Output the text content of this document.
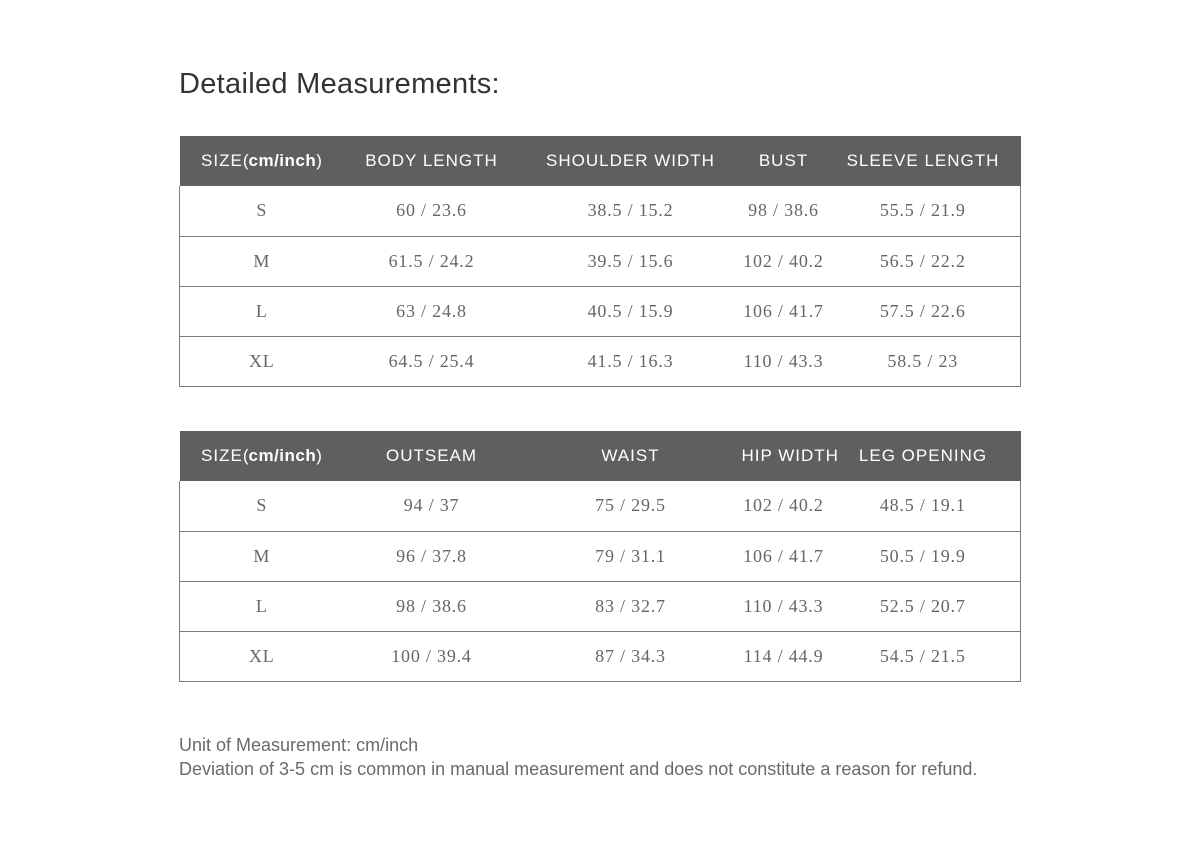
Detailed Measurements:
SIZE(cm/inch)	BODY LENGTH	SHOULDER WIDTH	BUST	SLEEVE LENGTH
S	60 / 23.6	38.5 / 15.2	98 / 38.6	55.5 / 21.9
M	61.5 / 24.2	39.5 / 15.6	102 / 40.2	56.5 / 22.2
L	63 / 24.8	40.5 / 15.9	106 / 41.7	57.5 / 22.6
XL	64.5 / 25.4	41.5 / 16.3	110 / 43.3	58.5 / 23
SIZE(cm/inch)	OUTSEAM	WAIST	HIP WIDTH	LEG OPENING
S	94 / 37	75 / 29.5	102 / 40.2	48.5 / 19.1
M	96 / 37.8	79 / 31.1	106 / 41.7	50.5 / 19.9
L	98 / 38.6	83 / 32.7	110 / 43.3	52.5 / 20.7
XL	100 / 39.4	87 / 34.3	114 / 44.9	54.5 / 21.5

Unit of Measurement: cm/inch

Deviation of 3-5 cm is common in manual measurement and does not constitute a reason for refund.
